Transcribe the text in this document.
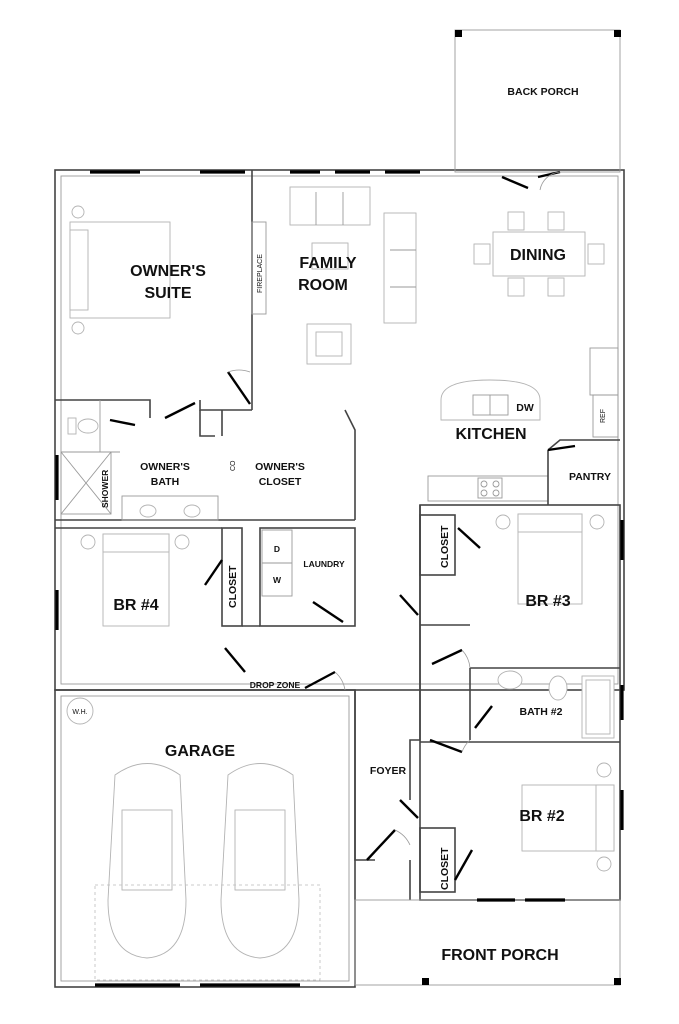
BACK PORCH
OWNER'S
SUITE
FIREPLACE FAMILY
ROOM
DINING
DW
REF
KITCHEN
PANTRY
SHOWER
OWNER'S
BATH
CO OWNER'S
CLOSET
CLOSET
D
W
LAUNDRY
BR #3
CLOSET
BR #4
DROP ZONE
BATH #2
W.H.
GARAGE
FOYER
BR #2
CLOSET
FRONT PORCH
